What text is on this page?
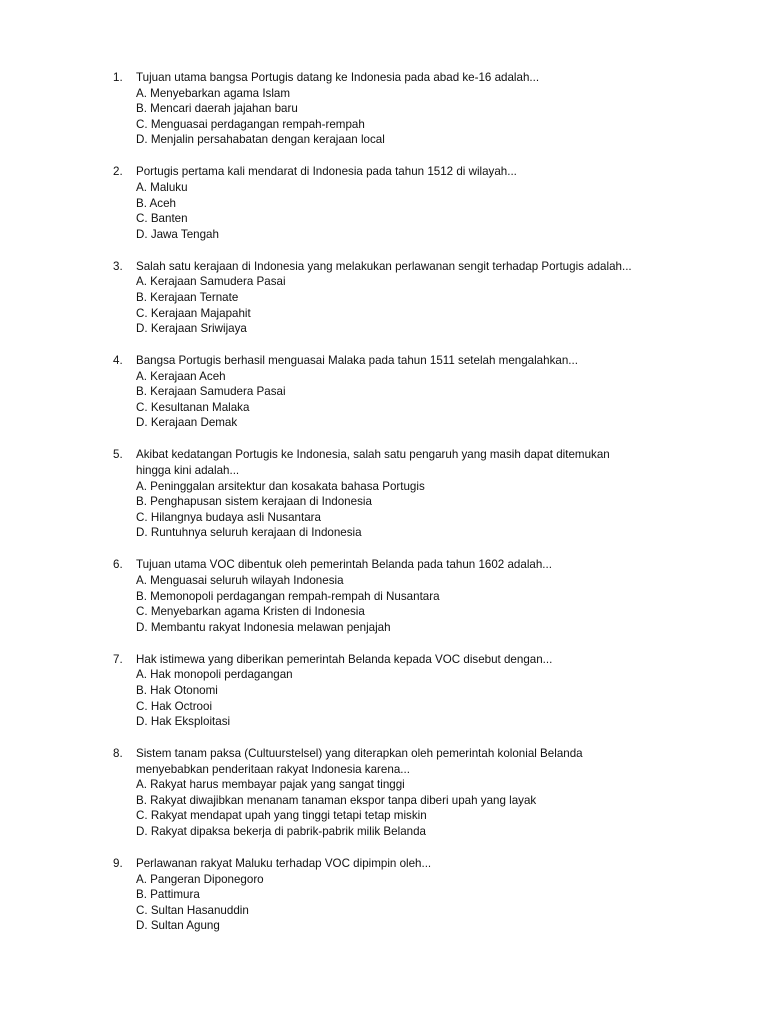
1.	Tujuan utama bangsa Portugis datang ke Indonesia pada abad ke-16 adalah...
A. Menyebarkan agama Islam
B. Mencari daerah jajahan baru
C. Menguasai perdagangan rempah-rempah
D. Menjalin persahabatan dengan kerajaan local
2.	Portugis pertama kali mendarat di Indonesia pada tahun 1512 di wilayah...
A. Maluku
B. Aceh
C. Banten
D. Jawa Tengah
3.	Salah satu kerajaan di Indonesia yang melakukan perlawanan sengit terhadap Portugis adalah...
A. Kerajaan Samudera Pasai
B. Kerajaan Ternate
C. Kerajaan Majapahit
D. Kerajaan Sriwijaya
4.	Bangsa Portugis berhasil menguasai Malaka pada tahun 1511 setelah mengalahkan...
A. Kerajaan Aceh
B. Kerajaan Samudera Pasai
C. Kesultanan Malaka
D. Kerajaan Demak
5.	Akibat kedatangan Portugis ke Indonesia, salah satu pengaruh yang masih dapat ditemukan
hingga kini adalah...
A. Peninggalan arsitektur dan kosakata bahasa Portugis
B. Penghapusan sistem kerajaan di Indonesia
C. Hilangnya budaya asli Nusantara
D. Runtuhnya seluruh kerajaan di Indonesia
6.	Tujuan utama VOC dibentuk oleh pemerintah Belanda pada tahun 1602 adalah...
A. Menguasai seluruh wilayah Indonesia
B. Memonopoli perdagangan rempah-rempah di Nusantara
C. Menyebarkan agama Kristen di Indonesia
D. Membantu rakyat Indonesia melawan penjajah
7.	Hak istimewa yang diberikan pemerintah Belanda kepada VOC disebut dengan...
A. Hak monopoli perdagangan
B. Hak Otonomi
C. Hak Octrooi
D. Hak Eksploitasi
8.	Sistem tanam paksa (Cultuurstelsel) yang diterapkan oleh pemerintah kolonial Belanda
menyebabkan penderitaan rakyat Indonesia karena...
A. Rakyat harus membayar pajak yang sangat tinggi
B. Rakyat diwajibkan menanam tanaman ekspor tanpa diberi upah yang layak
C. Rakyat mendapat upah yang tinggi tetapi tetap miskin
D. Rakyat dipaksa bekerja di pabrik-pabrik milik Belanda
9.	Perlawanan rakyat Maluku terhadap VOC dipimpin oleh...
A. Pangeran Diponegoro
B. Pattimura
C. Sultan Hasanuddin
D. Sultan Agung
